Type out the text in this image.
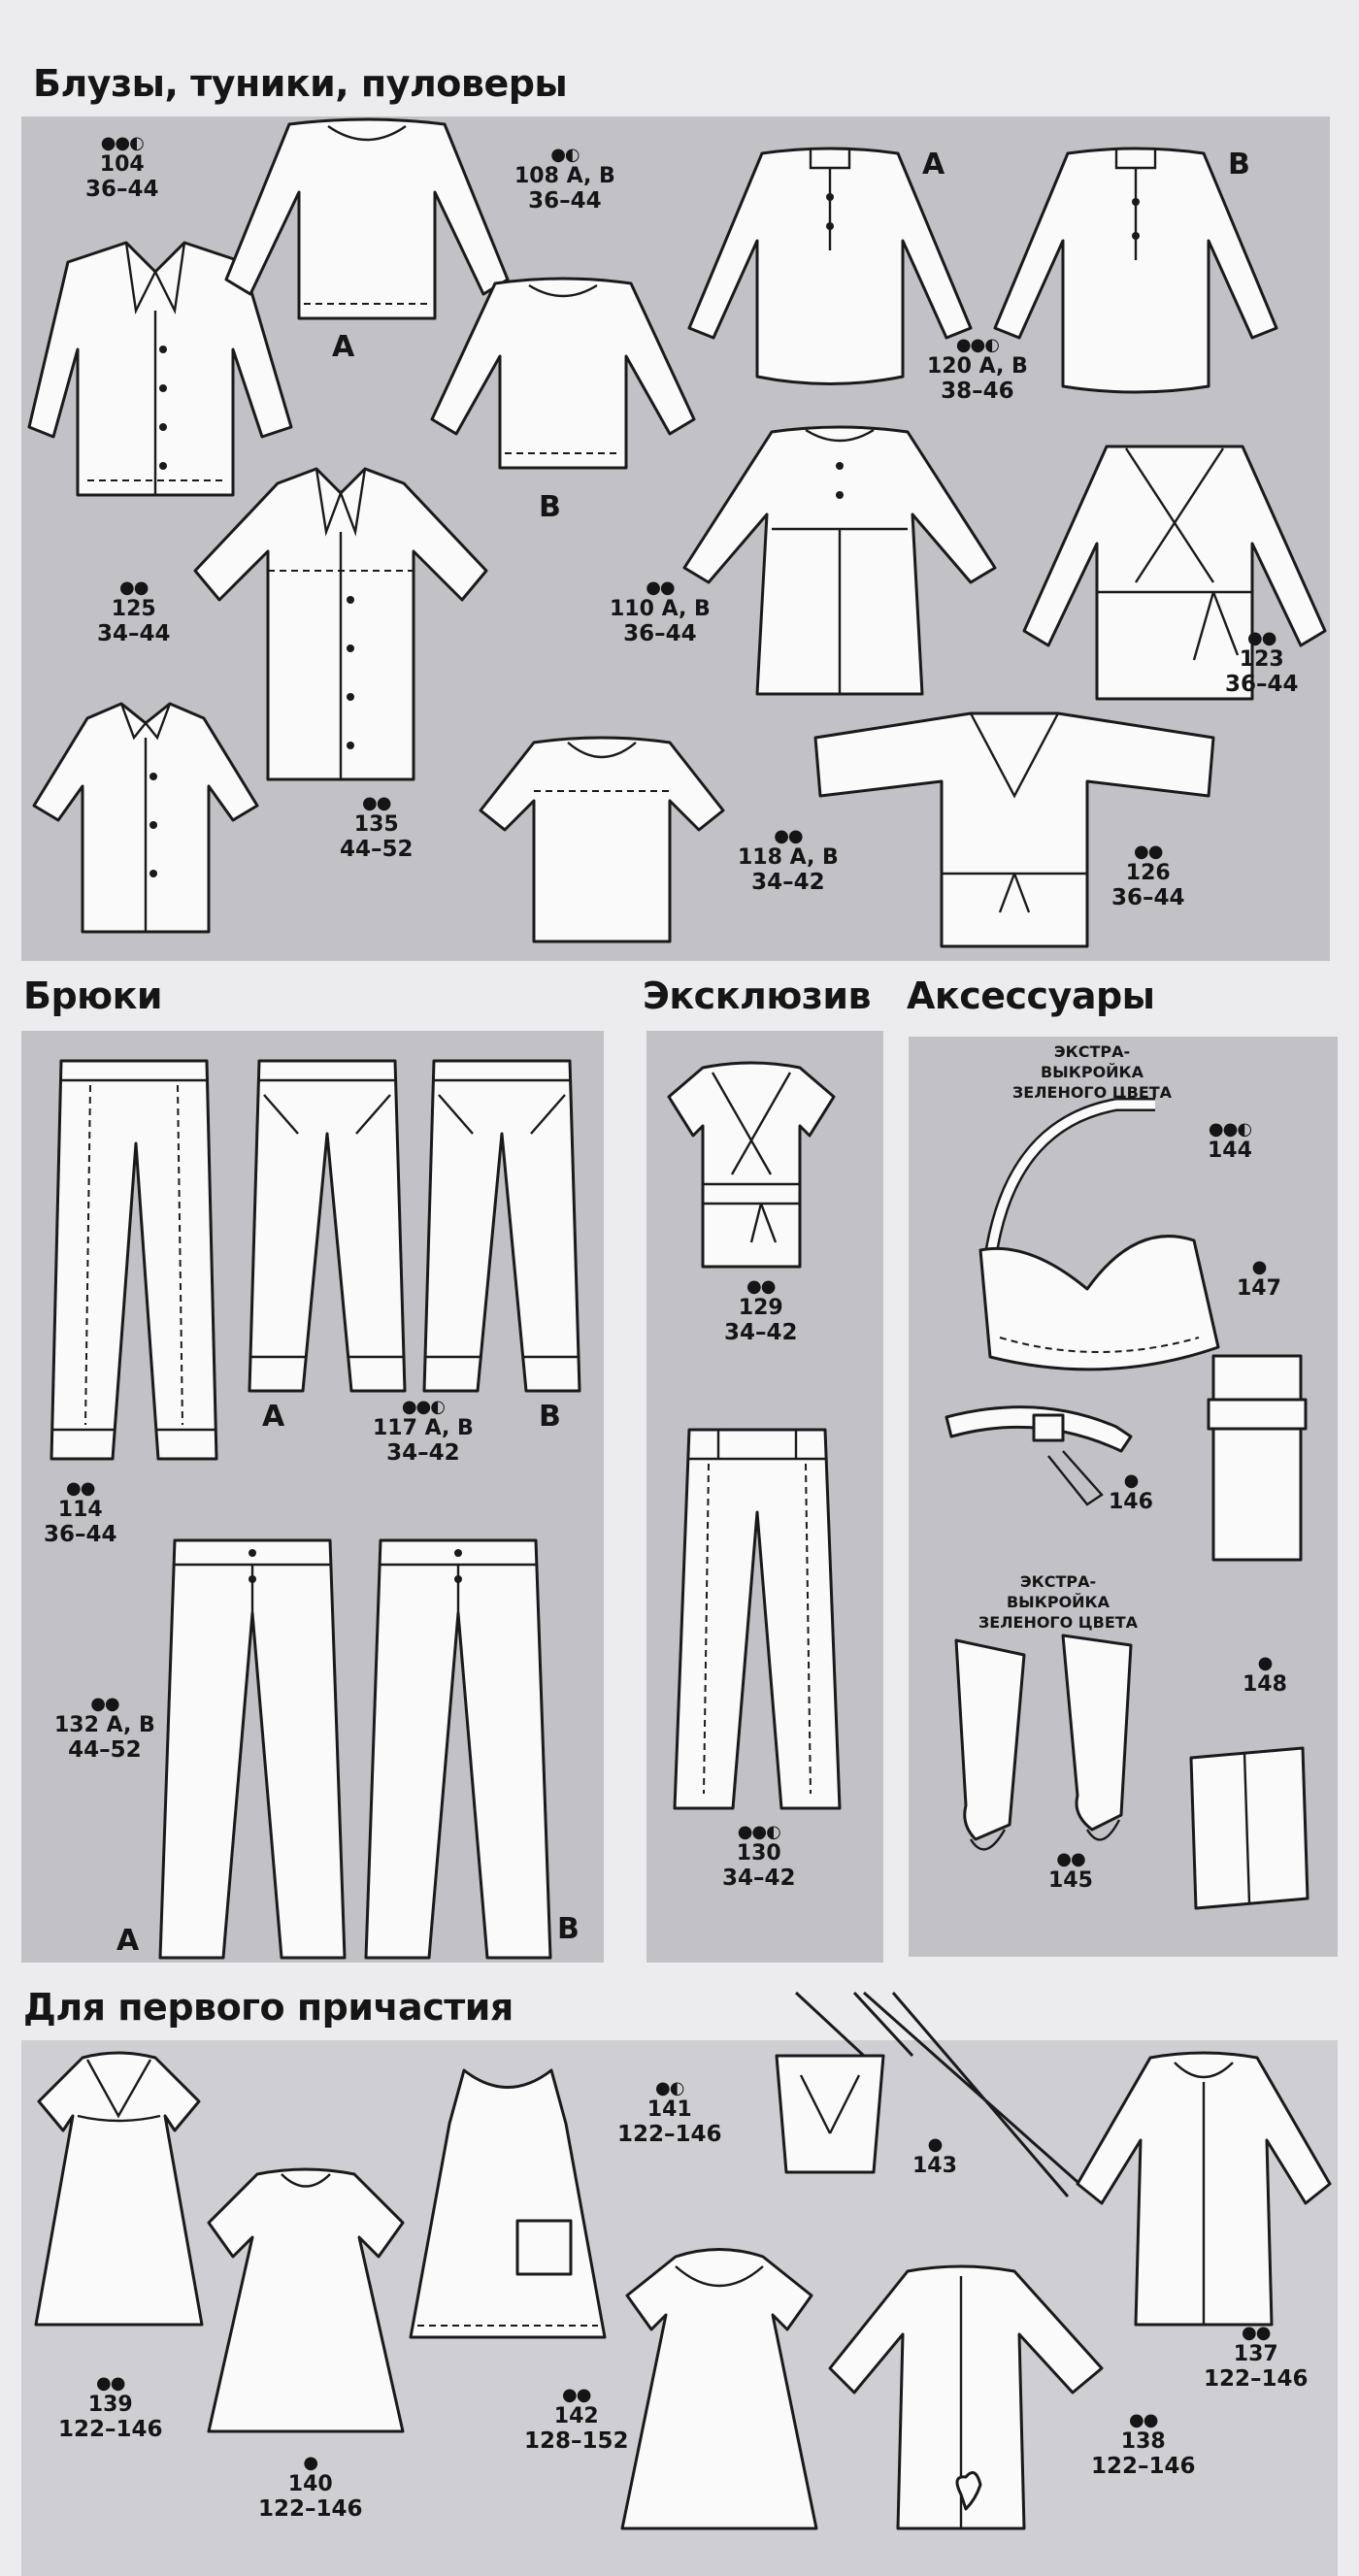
Блузы, туники, пуловеры
●●◐
104
36–44
A
●◐
108 A, B
36–44
B
A	B
●●◐
120 A, B
38–46
●●
135
44–52
●●
125
34–44
●●
110 A, B
36–44	●●
123
36–44
●●
118 A, B
34–42
●●
126
36–44
Брюки
●●
114
36–44
A	B
●●◐
117 A, B
34–42
●●
132 A, B
44–52
A	B
Эксклюзив
●●
129
34–42
●●◐
130
34–42
Аксессуары
ЭКСТРА-ВЫКРОЙКА ЗЕЛЕНОГО ЦВЕТА
●●◐
144
●
147
●
146
ЭКСТРА-ВЫКРОЙКА ЗЕЛЕНОГО ЦВЕТА
●●
145
●
148
Для первого причастия
●●
139
122–146
●
140
122–146
●●
142
128–152
●◐
141
122–146	●
143
●●
138
122–146
●●
137
122–146
